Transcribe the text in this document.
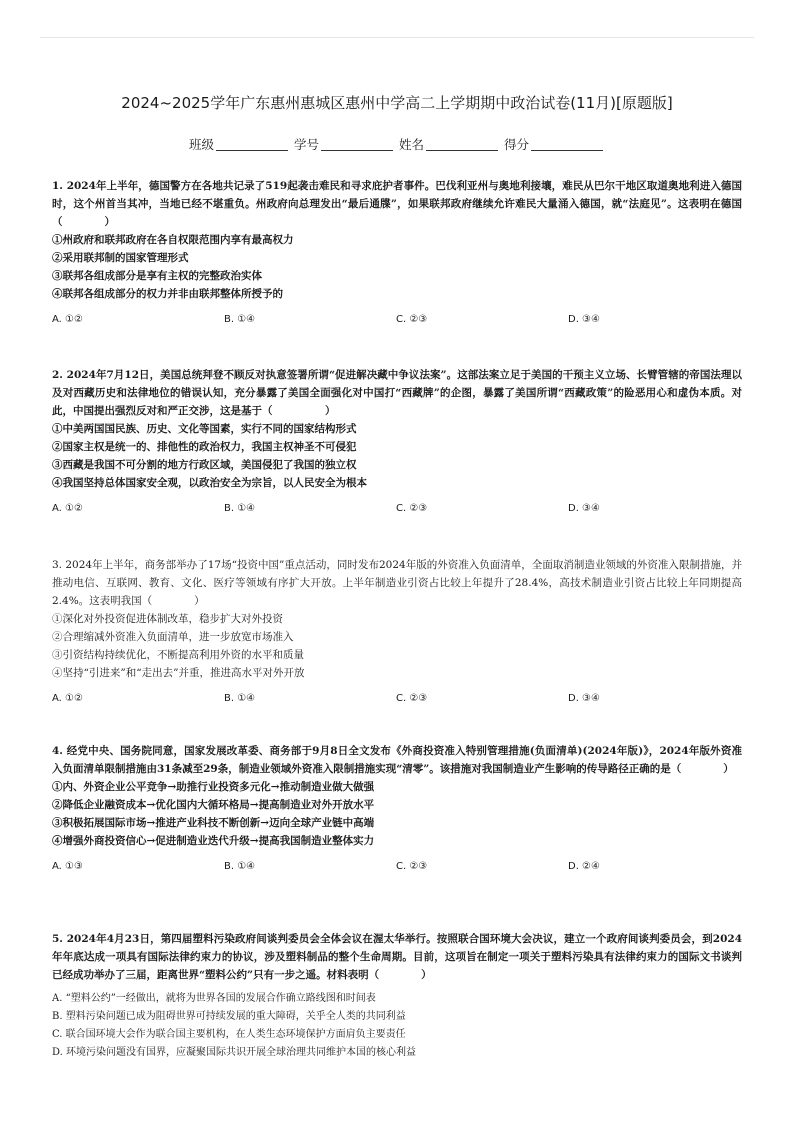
2024~2025学年广东惠州惠城区惠州中学高二上学期期中政治试卷(11月)[原题版]
班级	学号	姓名	得分
1. 2024年上半年，德国警方在各地共记录了519起袭击难民和寻求庇护者事件。巴伐利亚州与奥地利接壤，难民从巴尔干地区取道奥地利进入德国时，这个州首当其冲，当地已经不堪重负。州政府向总理发出“最后通牒”，如果联邦政府继续允许难民大量涌入德国，就“法庭见”。这表明在德国（　　　　）
①州政府和联邦政府在各自权限范围内享有最高权力
②采用联邦制的国家管理形式
③联邦各组成部分是享有主权的完整政治实体
④联邦各组成部分的权力并非由联邦整体所授予的
A. ①②	B. ①④	C. ②③	D. ③④
2. 2024年7月12日，美国总统拜登不顾反对执意签署所谓“促进解决藏中争议法案”。这部法案立足于美国的干预主义立场、长臂管辖的帝国法理以及对西藏历史和法律地位的错误认知，充分暴露了美国全面强化对中国打“西藏牌”的企图，暴露了美国所谓“西藏政策”的险恶用心和虚伪本质。对此，中国提出强烈反对和严正交涉，这是基于（　　　　　）
①中美两国国民族、历史、文化等国素，实行不同的国家结构形式
②国家主权是统一的、排他性的政治权力，我国主权神圣不可侵犯
③西藏是我国不可分割的地方行政区域，美国侵犯了我国的独立权
④我国坚持总体国家安全观，以政治安全为宗旨，以人民安全为根本
A. ①②	B. ①④	C. ②③	D. ③④
3. 2024年上半年，商务部举办了17场“投资中国”重点活动，同时发布2024年版的外资准入负面清单，全面取消制造业领域的外资准入限制措施，并推动电信、互联网、教育、文化、医疗等领域有序扩大开放。上半年制造业引资占比较上年提升了28.4%，高技术制造业引资占比较上年同期提高2.4%。这表明我国（　　　　）
①深化对外投资促进体制改革，稳步扩大对外投资
②合理缩减外资准入负面清单，进一步放宽市场准入
③引资结构持续优化，不断提高利用外资的水平和质量
④坚持“引进来”和“走出去”并重，推进高水平对外开放
A. ①②	B. ①④	C. ②③	D. ③④
4. 经党中央、国务院同意，国家发展改革委、商务部于9月8日全文发布《外商投资准入特别管理措施(负面清单)(2024年版)》，2024年版外资准入负面清单限制措施由31条减至29条，制造业领域外资准入限制措施实现“清零”。该措施对我国制造业产生影响的传导路径正确的是（　　　　）
①内、外资企业公平竞争→助推行业投资多元化→推动制造业做大做强
②降低企业融资成本→优化国内大循环格局→提高制造业对外开放水平
③积极拓展国际市场→推进产业科技不断创新→迈向全球产业链中高端
④增强外商投资信心→促进制造业迭代升级→提高我国制造业整体实力
A. ①③	B. ①④	C. ②③	D. ②④
5. 2024年4月23日，第四届塑料污染政府间谈判委员会全体会议在渥太华举行。按照联合国环境大会决议，建立一个政府间谈判委员会，到2024年年底达成一项具有国际法律约束力的协议，涉及塑料制品的整个生命周期。目前，这项旨在制定一项关于塑料污染具有法律约束力的国际文书谈判已经成功举办了三届，距离世界“塑料公约”只有一步之遥。材料表明（　　　　）
A. “塑料公约”一经做出，就将为世界各国的发展合作确立路线图和时间表
B. 塑料污染问题已成为阻碍世界可持续发展的重大障碍，关乎全人类的共同利益
C. 联合国环境大会作为联合国主要机构，在人类生态环境保护方面肩负主要责任
D. 环境污染问题没有国界，应凝聚国际共识开展全球治理共同维护本国的核心利益
